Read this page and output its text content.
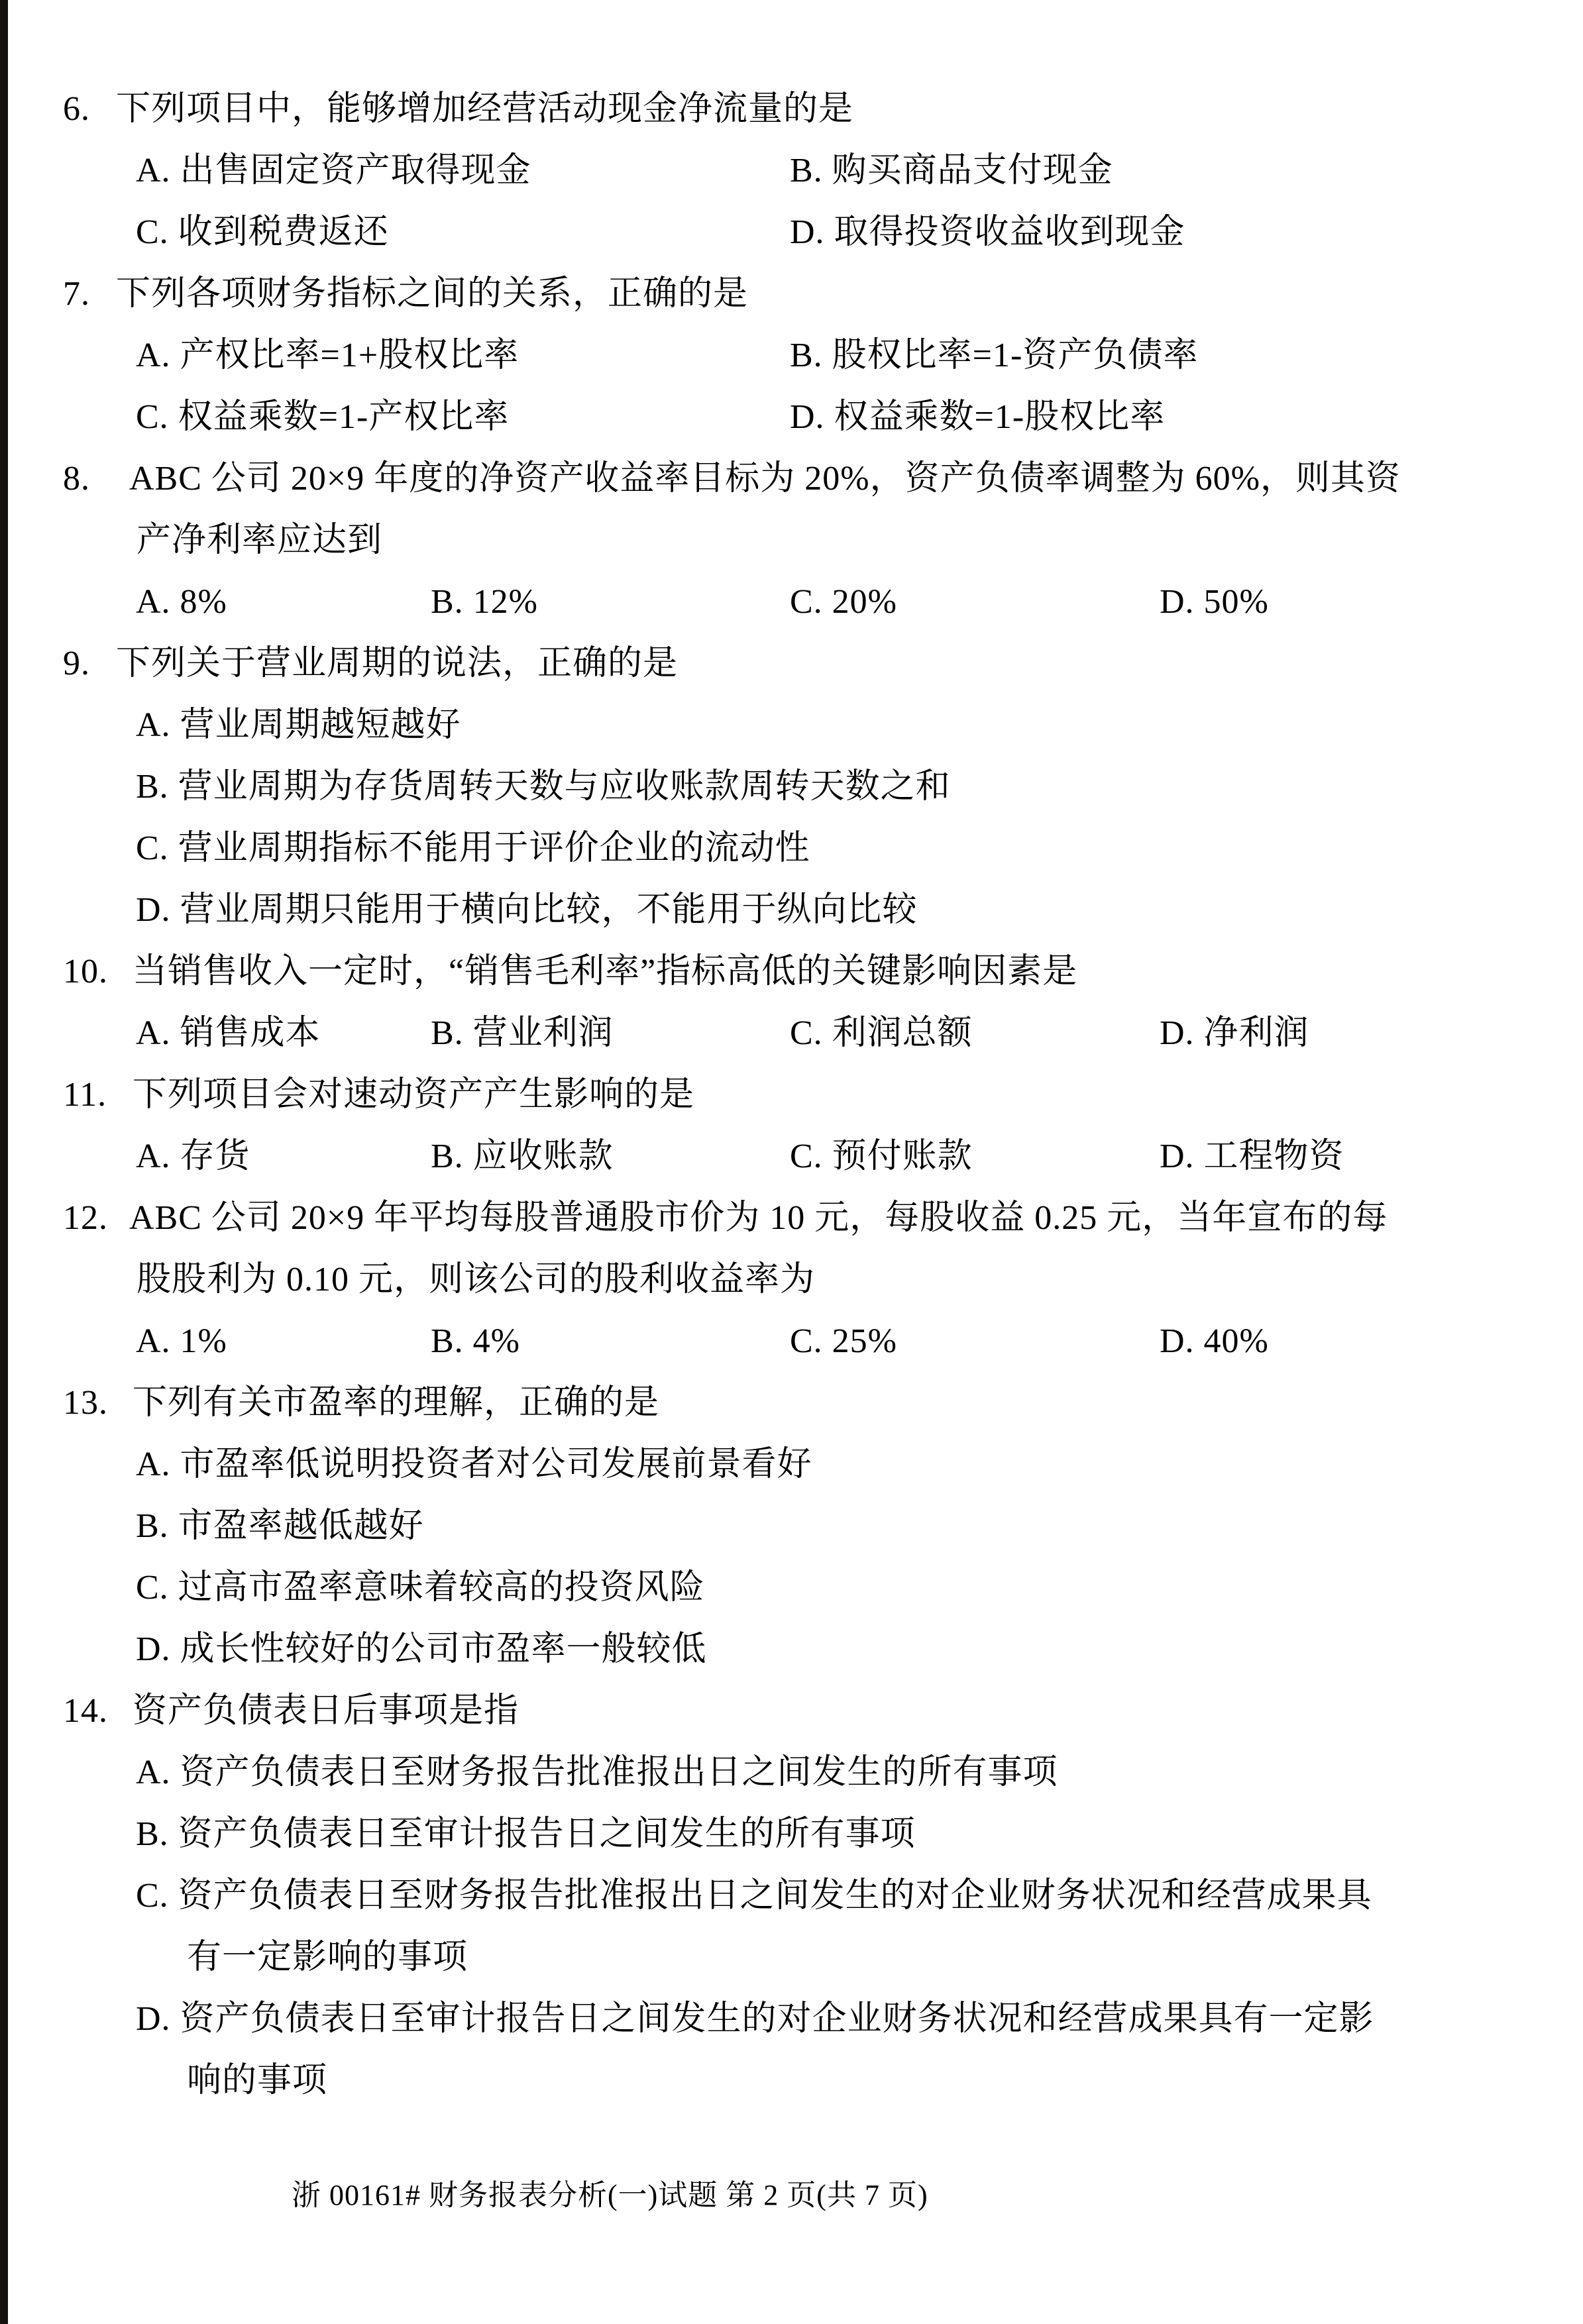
6. 下列项目中，能够增加经营活动现金净流量的是
A. 出售固定资产取得现金	B. 购买商品支付现金
C. 收到税费返还	D. 取得投资收益收到现金
7. 下列各项财务指标之间的关系，正确的是
A. 产权比率=1+股权比率	B. 股权比率=1-资产负债率
C. 权益乘数=1-产权比率	D. 权益乘数=1-股权比率
8. ABC 公司 20×9 年度的净资产收益率目标为 20%，资产负债率调整为 60%，则其资
产净利率应达到
A. 8%	B. 12%	C. 20%	D. 50%
9. 下列关于营业周期的说法，正确的是
A. 营业周期越短越好
B. 营业周期为存货周转天数与应收账款周转天数之和
C. 营业周期指标不能用于评价企业的流动性
D. 营业周期只能用于横向比较，不能用于纵向比较
10. 当销售收入一定时，“销售毛利率”指标高低的关键影响因素是
A. 销售成本	B. 营业利润	C. 利润总额	D. 净利润
11. 下列项目会对速动资产产生影响的是
A. 存货	B. 应收账款	C. 预付账款	D. 工程物资
12. ABC 公司 20×9 年平均每股普通股市价为 10 元，每股收益 0.25 元，当年宣布的每
股股利为 0.10 元，则该公司的股利收益率为
A. 1%	B. 4%	C. 25%	D. 40%
13. 下列有关市盈率的理解，正确的是
A. 市盈率低说明投资者对公司发展前景看好
B. 市盈率越低越好
C. 过高市盈率意味着较高的投资风险
D. 成长性较好的公司市盈率一般较低
14. 资产负债表日后事项是指
A. 资产负债表日至财务报告批准报出日之间发生的所有事项
B. 资产负债表日至审计报告日之间发生的所有事项
C. 资产负债表日至财务报告批准报出日之间发生的对企业财务状况和经营成果具
有一定影响的事项
D. 资产负债表日至审计报告日之间发生的对企业财务状况和经营成果具有一定影
响的事项
浙 00161# 财务报表分析(一)试题 第 2 页(共 7 页)
